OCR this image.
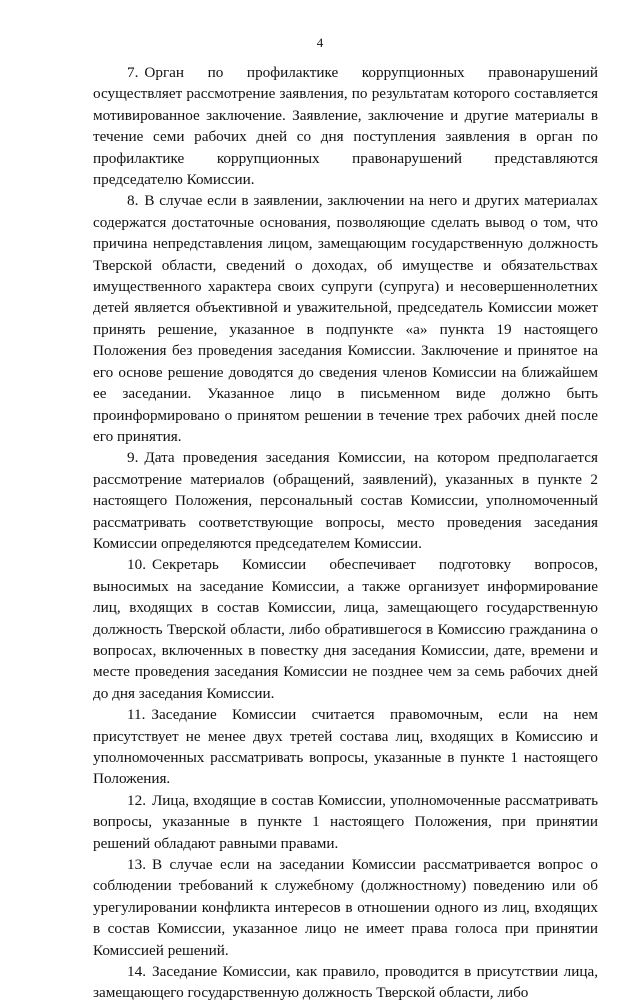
4

7. Орган по профилактике коррупционных правонарушений осуществляет рассмотрение заявления, по результатам которого составляется мотивированное заключение. Заявление, заключение и другие материалы в течение семи рабочих дней со дня поступления заявления в орган по профилактике коррупционных правонарушений представляются председателю Комиссии.

8. В случае если в заявлении, заключении на него и других материалах содержатся достаточные основания, позволяющие сделать вывод о том, что причина непредставления лицом, замещающим государственную должность Тверской области, сведений о доходах, об имуществе и обязательствах имущественного характера своих супруги (супруга) и несовершеннолетних детей является объективной и уважительной, председатель Комиссии может принять решение, указанное в подпункте «а» пункта 19 настоящего Положения без проведения заседания Комиссии. Заключение и принятое на его основе решение доводятся до сведения членов Комиссии на ближайшем ее заседании. Указанное лицо в письменном виде должно быть проинформировано о принятом решении в течение трех рабочих дней после его принятия.

9. Дата проведения заседания Комиссии, на котором предполагается рассмотрение материалов (обращений, заявлений), указанных в пункте 2 настоящего Положения, персональный состав Комиссии, уполномоченный рассматривать соответствующие вопросы, место проведения заседания Комиссии определяются председателем Комиссии.

10. Секретарь Комиссии обеспечивает подготовку вопросов, выносимых на заседание Комиссии, а также организует информирование лиц, входящих в состав Комиссии, лица, замещающего государственную должность Тверской области, либо обратившегося в Комиссию гражданина о вопросах, включенных в повестку дня заседания Комиссии, дате, времени и месте проведения заседания Комиссии не позднее чем за семь рабочих дней до дня заседания Комиссии.

11. Заседание Комиссии считается правомочным, если на нем присутствует не менее двух третей состава лиц, входящих в Комиссию и уполномоченных рассматривать вопросы, указанные в пункте 1 настоящего Положения.

12. Лица, входящие в состав Комиссии, уполномоченные рассматривать вопросы, указанные в пункте 1 настоящего Положения, при принятии решений обладают равными правами.

13. В случае если на заседании Комиссии рассматривается вопрос о соблюдении требований к служебному (должностному) поведению или об урегулировании конфликта интересов в отношении одного из лиц, входящих в состав Комиссии, указанное лицо не имеет права голоса при принятии Комиссией решений.

14. Заседание Комиссии, как правило, проводится в присутствии лица, замещающего государственную должность Тверской области, либо
